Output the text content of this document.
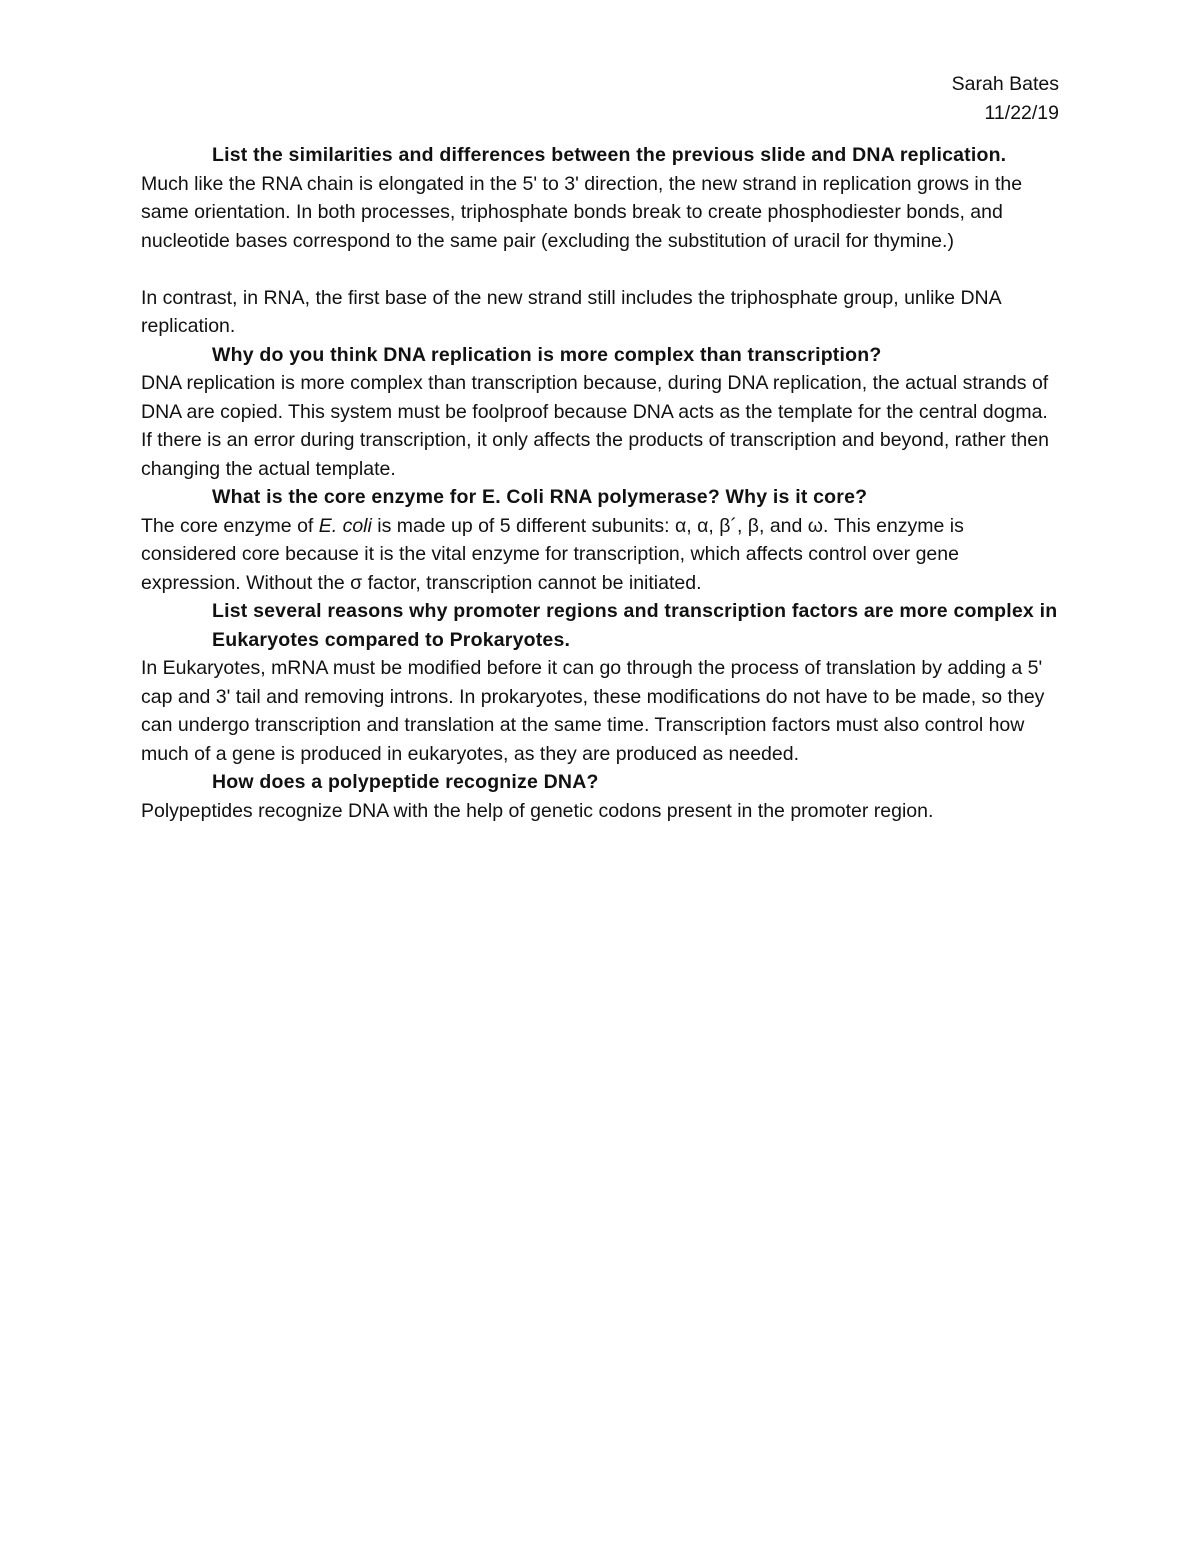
Sarah Bates
11/22/19
List the similarities and differences between the previous slide and DNA replication.

Much like the RNA chain is elongated in the 5' to 3' direction, the new strand in replication grows in the same orientation. In both processes, triphosphate bonds break to create phosphodiester bonds, and nucleotide bases correspond to the same pair (excluding the substitution of uracil for thymine.)

In contrast, in RNA, the first base of the new strand still includes the triphosphate group, unlike DNA replication.

Why do you think DNA replication is more complex than transcription?

DNA replication is more complex than transcription because, during DNA replication, the actual strands of DNA are copied. This system must be foolproof because DNA acts as the template for the central dogma. If there is an error during transcription, it only affects the products of transcription and beyond, rather then changing the actual template.

What is the core enzyme for E. Coli RNA polymerase? Why is it core?

The core enzyme of E. coli is made up of 5 different subunits: α, α, β´, β, and ω. This enzyme is considered core because it is the vital enzyme for transcription, which affects control over gene expression. Without the σ factor, transcription cannot be initiated.

List several reasons why promoter regions and transcription factors are more complex in Eukaryotes compared to Prokaryotes.

In Eukaryotes, mRNA must be modified before it can go through the process of translation by adding a 5' cap and 3' tail and removing introns. In prokaryotes, these modifications do not have to be made, so they can undergo transcription and translation at the same time. Transcription factors must also control how much of a gene is produced in eukaryotes, as they are produced as needed.

How does a polypeptide recognize DNA?

Polypeptides recognize DNA with the help of genetic codons present in the promoter region.
